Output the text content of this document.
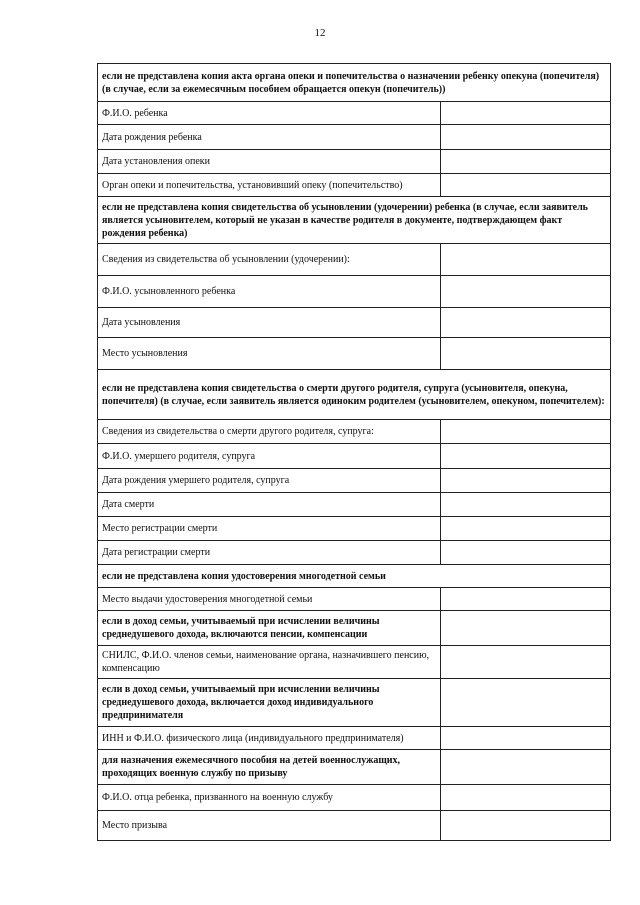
12
если не представлена копия акта органа опеки и попечительства о назначении ребенку опекуна (попечителя) (в случае, если за ежемесячным пособием обращается опекун (попечитель))	
Ф.И.О. ребенка	
Дата рождения ребенка	
Дата установления опеки	
Орган опеки и попечительства, установивший опеку (попечительство)	
если не представлена копия свидетельства об усыновлении (удочерении) ребенка (в случае, если заявитель является усыновителем, который не указан в качестве родителя в документе, подтверждающем факт рождения ребенка)	
Сведения из свидетельства об усыновлении (удочерении):	
Ф.И.О. усыновленного ребенка	
Дата усыновления	
Место усыновления	
если не представлена копия свидетельства о смерти другого родителя, супруга (усыновителя, опекуна, попечителя) (в случае, если заявитель является одиноким родителем (усыновителем, опекуном, попечителем):	
Сведения из свидетельства о смерти другого родителя, супруга:	
Ф.И.О. умершего родителя, супруга	
Дата рождения умершего родителя, супруга	
Дата смерти	
Место регистрации смерти	
Дата регистрации смерти	
если не представлена копия удостоверения многодетной семьи	
Место выдачи удостоверения многодетной семьи	
если в доход семьи, учитываемый при исчислении величины среднедушевого дохода, включаются пенсии, компенсации	
СНИЛС, Ф.И.О. членов семьи, наименование органа, назначившего пенсию, компенсацию	
если в доход семьи, учитываемый при исчислении величины среднедушевого дохода, включается доход индивидуального предпринимателя	
ИНН и Ф.И.О. физического лица (индивидуального предпринимателя)	
для назначения ежемесячного пособия на детей военнослужащих, проходящих военную службу по призыву	
Ф.И.О. отца ребенка, призванного на военную службу	
Место призыва	
